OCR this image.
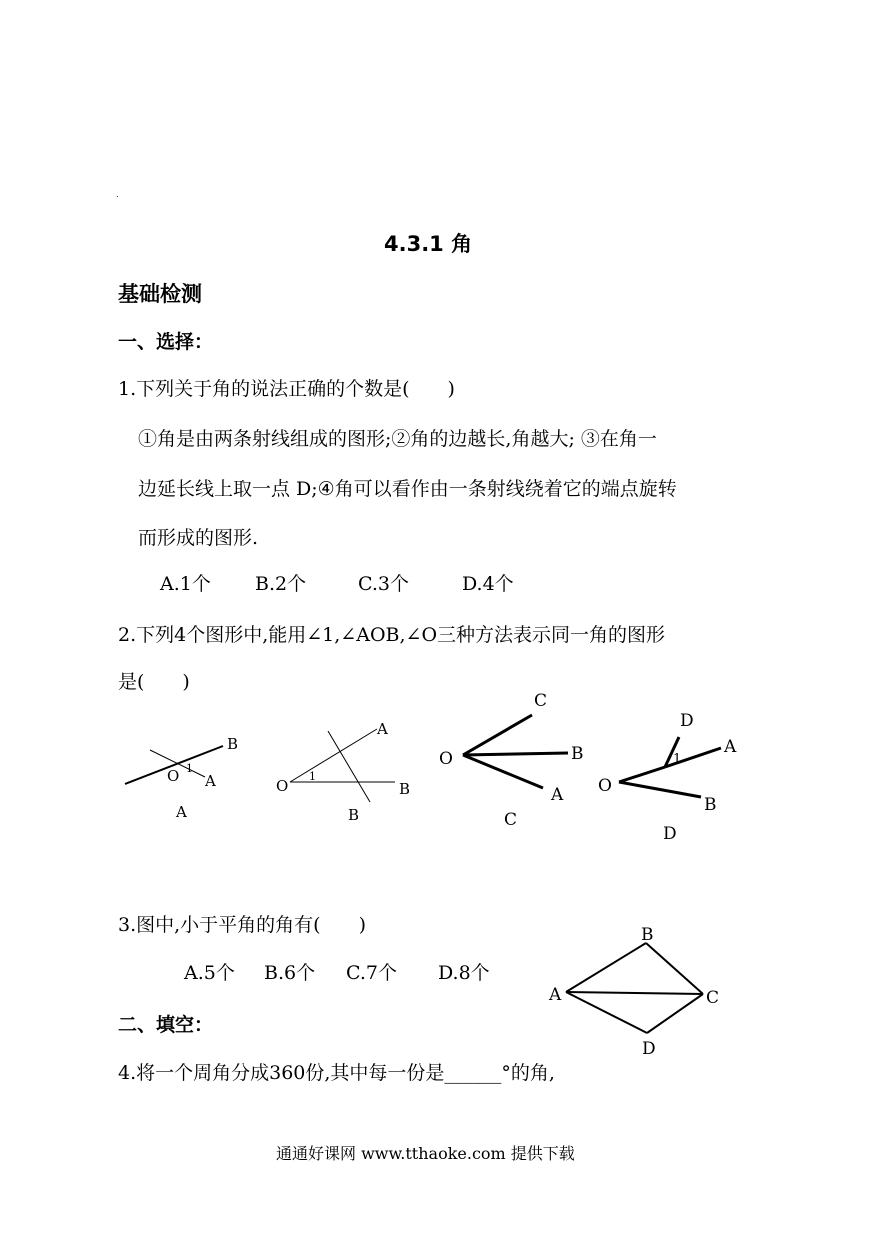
.
4.3.1 角
基础检测
一、选择：
1.下列关于角的说法正确的个数是(　　)
①角是由两条射线组成的图形;②角的边越长,角越大; ③在角一
边延长线上取一点 D;④角可以看作由一条射线绕着它的端点旋转
而形成的图形.
A.1个 B.2个	C.3个	D.4个
2.下列4个图形中,能用∠1,∠AOB,∠O三种方法表示同一角的图形
是(　　)
B
O 1
A
A
A
O
1
B
B
C
O	B
A
C
D
O
1
A
B
D
3.图中,小于平角的角有(　　)
A.5个 B.6个 C.7个 D.8个
B
A	C
D
二、填空：
4.将一个周角分成360份,其中每一份是______°的角,
通通好课网 www.tthaoke.com 提供下载
